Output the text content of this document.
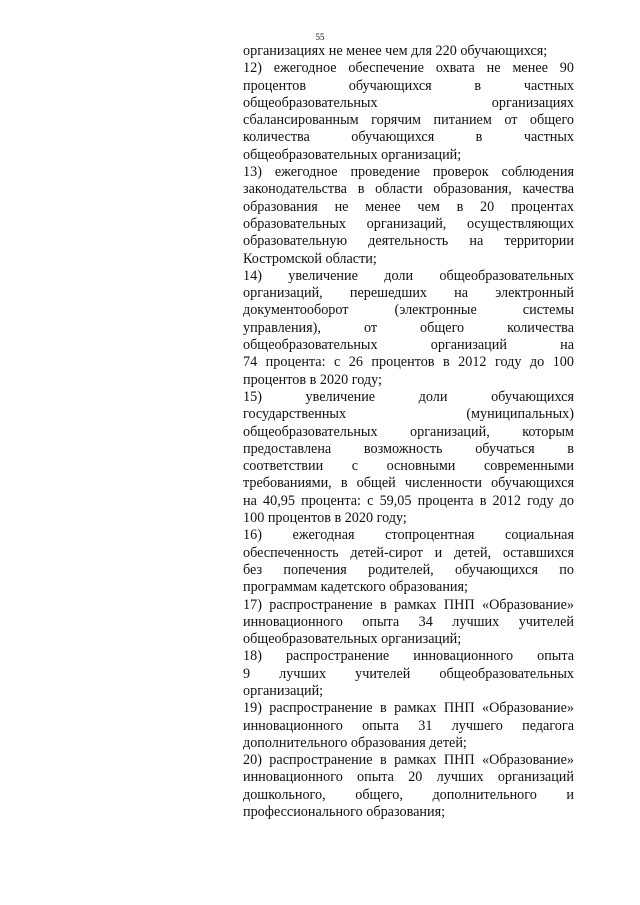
55
организациях не менее чем для 220 обучающихся;
12) ежегодное обеспечение охвата не менее 90
процентов обучающихся в частных
общеобразовательных организациях
сбалансированным горячим питанием от общего
количества обучающихся в частных
общеобразовательных организаций;
13) ежегодное проведение проверок соблюдения
законодательства в области образования, качества
образования не менее чем в 20 процентах
образовательных организаций, осуществляющих
образовательную деятельность на территории
Костромской области;
14) увеличение доли общеобразовательных
организаций, перешедших на электронный
документооборот (электронные системы
управления), от общего количества
общеобразовательных организаций на
74 процента: с 26 процентов в 2012 году до 100
процентов в 2020 году;
15) увеличение доли обучающихся
государственных (муниципальных)
общеобразовательных организаций, которым
предоставлена возможность обучаться в
соответствии с основными современными
требованиями, в общей численности обучающихся
на 40,95 процента: с 59,05 процента в 2012 году до
100 процентов в 2020 году;
16) ежегодная стопроцентная социальная
обеспеченность детей-сирот и детей, оставшихся
без попечения родителей, обучающихся по
программам кадетского образования;
17) распространение в рамках ПНП «Образование»
инновационного опыта 34 лучших учителей
общеобразовательных организаций;
18) распространение инновационного опыта
9 лучших учителей общеобразовательных
организаций;
19) распространение в рамках ПНП «Образование»
инновационного опыта 31 лучшего педагога
дополнительного образования детей;
20) распространение в рамках ПНП «Образование»
инновационного опыта 20 лучших организаций
дошкольного, общего, дополнительного и
профессионального образования;
